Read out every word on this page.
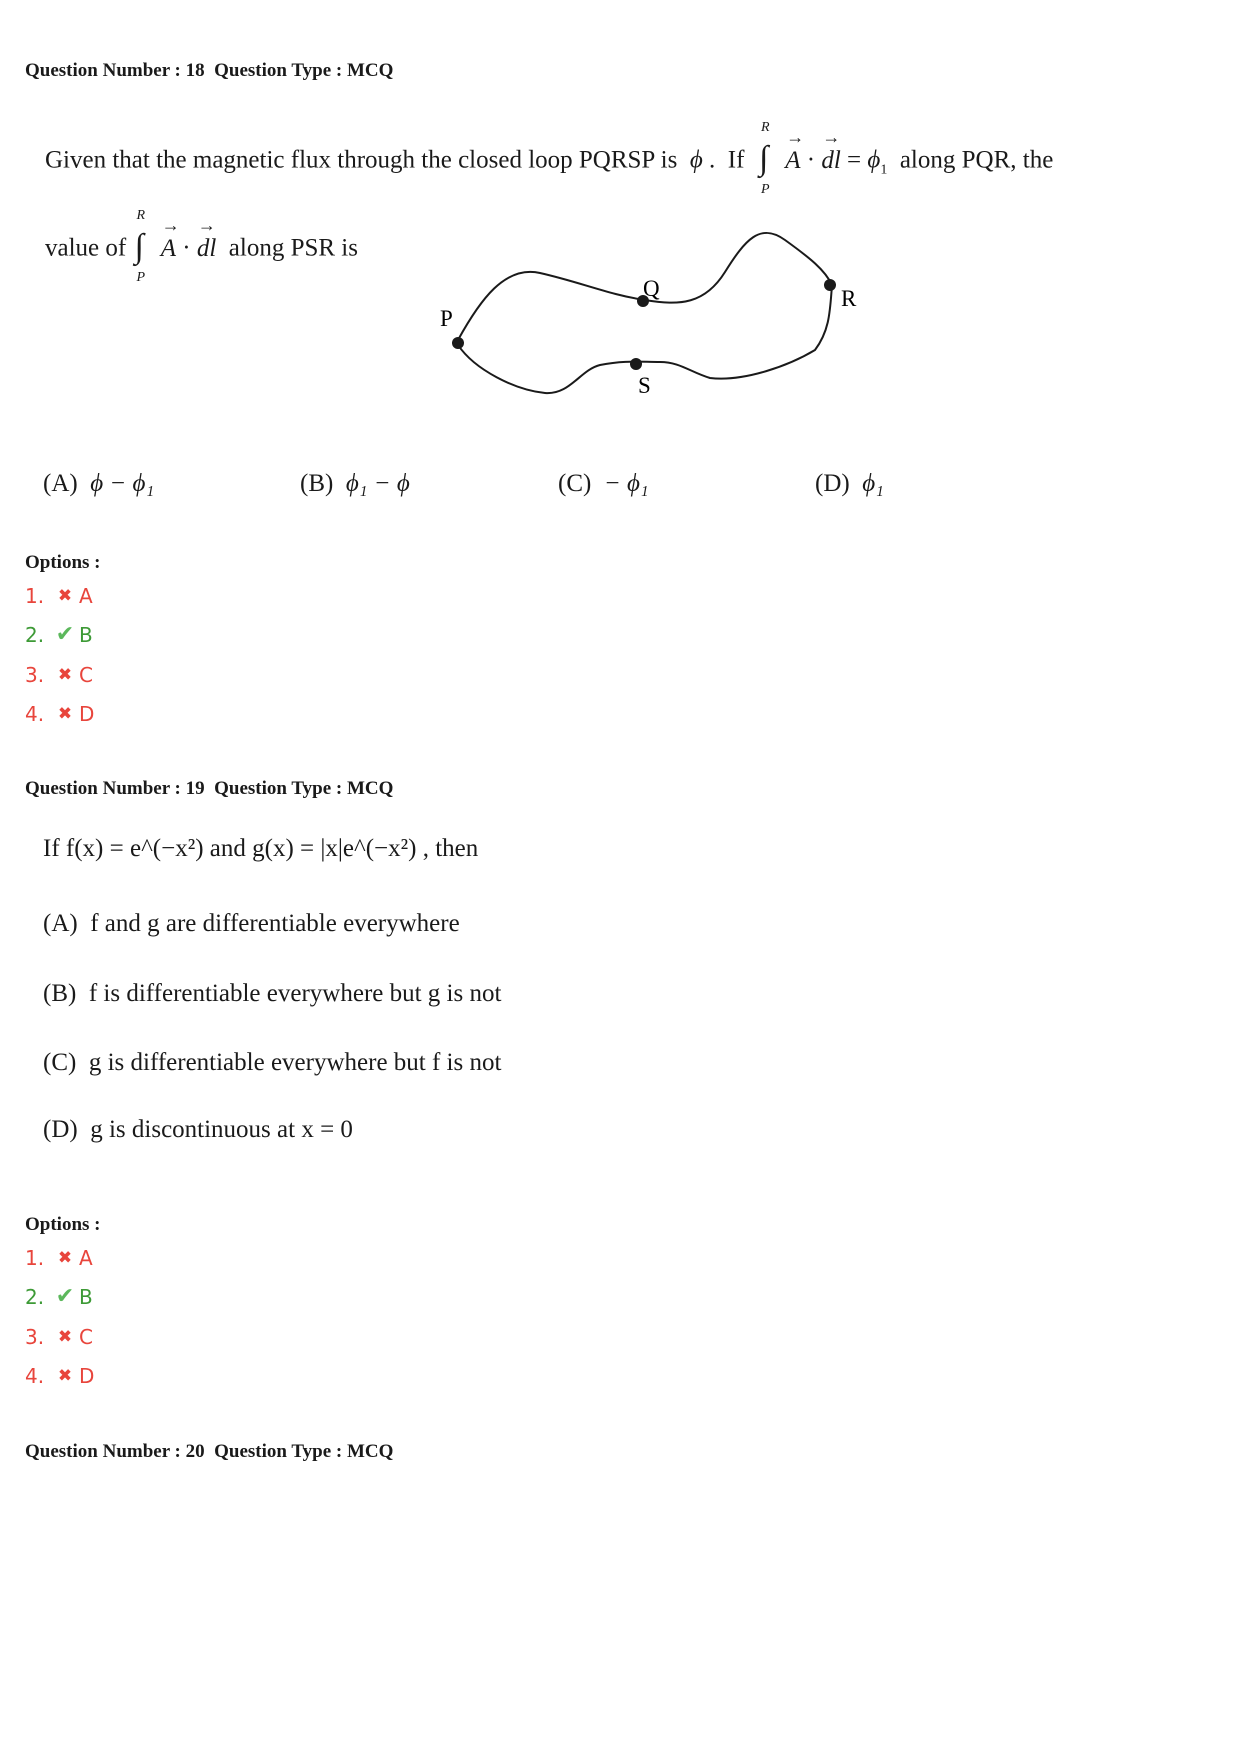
Question Number : 18  Question Type : MCQ
Given that the magnetic flux through the closed loop PQRSP is  ϕ .  If
R
∫
P
→ A · → dl = $\phi_1$ along PQR, the
value of
R
∫
P
→ A · → dl along PSR is
P
Q	R
S
(A) ϕ − ϕ₁	(B) ϕ₁ − ϕ	(C) − ϕ₁	(D) ϕ₁
Options :
1. ✖ A
2. ✔ B
3. ✖ C
4. ✖ D
Question Number : 19  Question Type : MCQ
If f(x) = e^(−x²) and g(x) = |x|e^(−x²) , then
(A) f and g are differentiable everywhere
(B) f is differentiable everywhere but g is not
(C) g is differentiable everywhere but f is not
(D) g is discontinuous at x = 0
Options :
1. ✖ A
2. ✔ B
3. ✖ C
4. ✖ D
Question Number : 20  Question Type : MCQ
